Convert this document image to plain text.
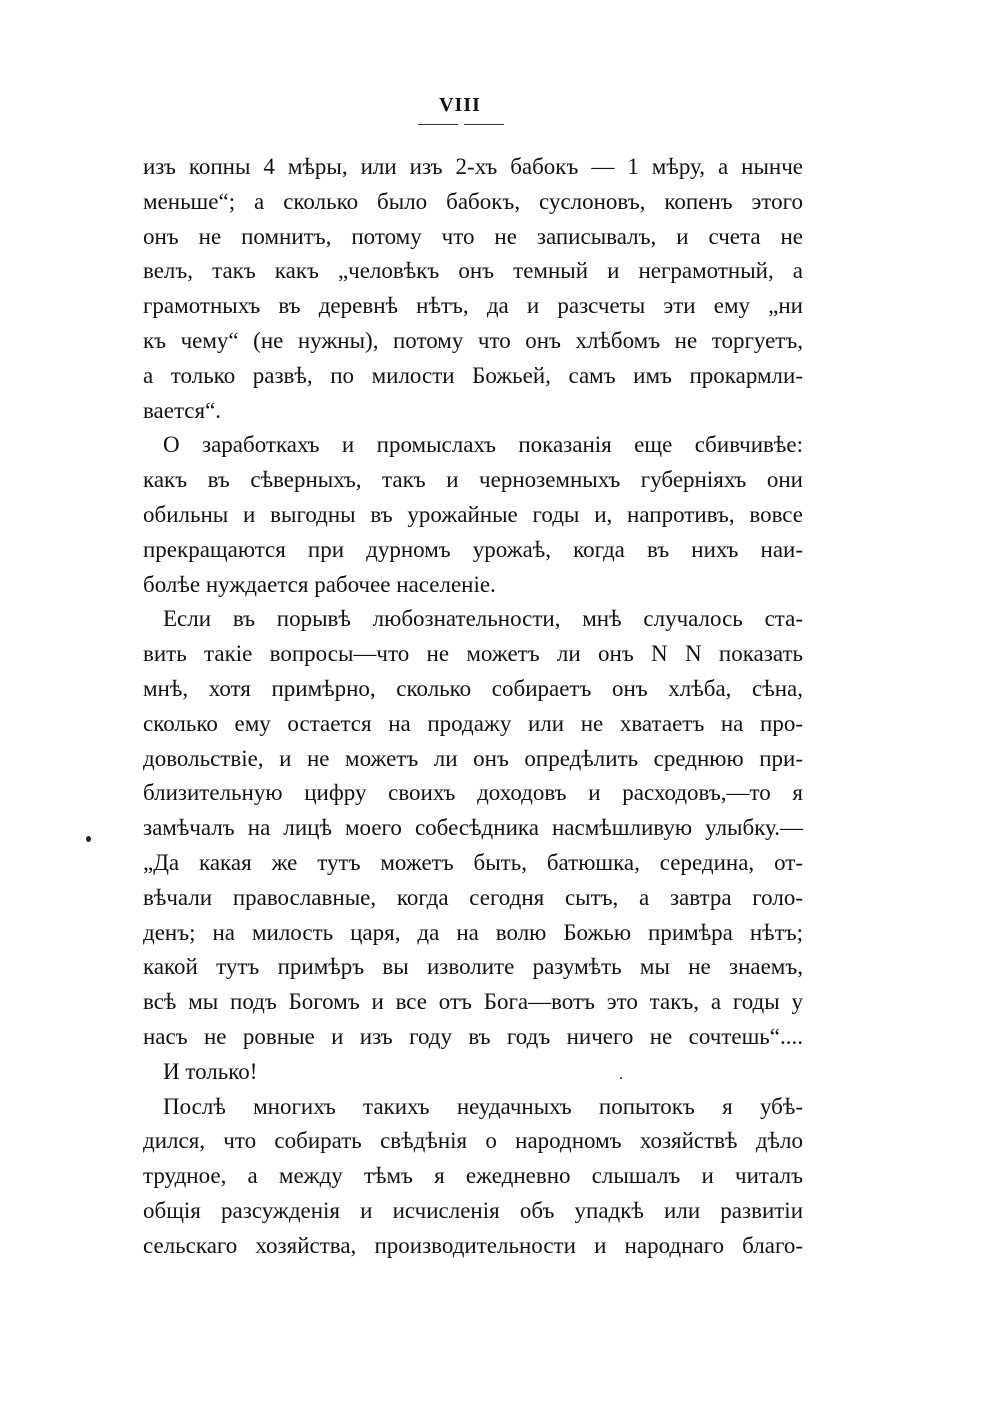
VIII
изъ копны 4 мѣры, или изъ 2-хъ бабокъ — 1 мѣру, а нынче
меньше“; а сколько было бабокъ, суслоновъ, копенъ этого
онъ не помнитъ, потому что не записывалъ, и счета не
велъ, такъ какъ „человѣкъ онъ темный и неграмотный, а
грамотныхъ въ деревнѣ нѣтъ, да и разсчеты эти ему „ни
къ чему“ (не нужны), потому что онъ хлѣбомъ не торгуетъ,
а только развѣ, по милости Божьей, самъ имъ прокармли-
вается“.
О заработкахъ и промыслахъ показанія еще сбивчивѣе:
какъ въ сѣверныхъ, такъ и черноземныхъ губерніяхъ они
обильны и выгодны въ урожайные годы и, напротивъ, вовсе
прекращаются при дурномъ урожаѣ, когда въ нихъ наи-
болѣе нуждается рабочее населеніе.
Если въ порывѣ любознательности, мнѣ случалось ста-
вить такіе вопросы—что не можетъ ли онъ N N показать
мнѣ, хотя примѣрно, сколько собираетъ онъ хлѣба, сѣна,
сколько ему остается на продажу или не хватаетъ на про-
довольствіе, и не можетъ ли онъ опредѣлить среднюю при-
близительную цифру своихъ доходовъ и расходовъ,—то я
замѣчалъ на лицѣ моего собесѣдника насмѣшливую улыбку.—
„Да какая же тутъ можетъ быть, батюшка, середина, от-
вѣчали православные, когда сегодня сытъ, а завтра голо-
денъ; на милость царя, да на волю Божью примѣра нѣтъ;
какой тутъ примѣръ вы изволите разумѣть мы не знаемъ,
всѣ мы подъ Богомъ и все отъ Бога—вотъ это такъ, а годы у
насъ не ровные и изъ году въ годъ ничего не сочтешь“....
И только!
Послѣ многихъ такихъ неудачныхъ попытокъ я убѣ-
дился, что собирать свѣдѣнія о народномъ хозяйствѣ дѣло
трудное, а между тѣмъ я ежедневно слышалъ и читалъ
общія разсужденія и исчисленія объ упадкѣ или развитіи
сельскаго хозяйства, производительности и народнаго благо-
